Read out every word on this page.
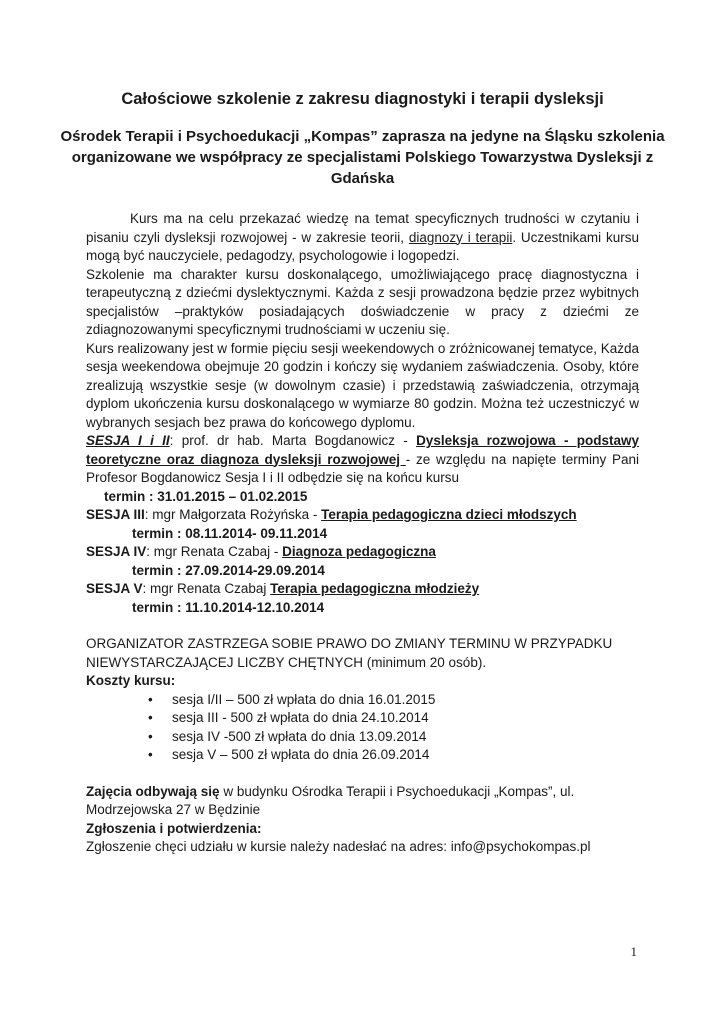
Całościowe szkolenie z zakresu diagnostyki i terapii dysleksji
Ośrodek Terapii i Psychoedukacji „Kompas” zaprasza na jedyne na Śląsku szkolenia organizowane we współpracy ze specjalistami Polskiego Towarzystwa Dysleksji z Gdańska

Kurs ma na celu przekazać wiedzę na temat specyficznych trudności w czytaniu i pisaniu czyli dysleksji rozwojowej - w zakresie teorii, diagnozy i terapii. Uczestnikami kursu mogą być nauczyciele, pedagodzy, psychologowie i logopedzi.

Szkolenie ma charakter kursu doskonalącego, umożliwiającego pracę diagnostyczna i terapeutyczną z dziećmi dyslektycznymi. Każda z sesji prowadzona będzie przez wybitnych specjalistów –praktyków posiadających doświadczenie w pracy z dziećmi ze zdiagnozowanymi specyficznymi trudnościami w uczeniu się.

Kurs realizowany jest w formie pięciu sesji weekendowych o zróżnicowanej tematyce, Każda sesja weekendowa obejmuje 20 godzin i kończy się wydaniem zaświadczenia. Osoby, które zrealizują wszystkie sesje (w dowolnym czasie) i przedstawią zaświadczenia, otrzymają dyplom ukończenia kursu doskonalącego w wymiarze 80 godzin. Można też uczestniczyć w wybranych sesjach bez prawa do końcowego dyplomu.

SESJA I i II: prof. dr hab. Marta Bogdanowicz - Dysleksja rozwojowa - podstawy teoretyczne oraz diagnoza dysleksji rozwojowej - ze względu na napięte terminy Pani Profesor Bogdanowicz Sesja I i II odbędzie się na końcu kursu

termin : 31.01.2015 – 01.02.2015

SESJA III: mgr Małgorzata Rożyńska - Terapia pedagogiczna dzieci młodszych

termin : 08.11.2014- 09.11.2014

SESJA IV: mgr Renata Czabaj - Diagnoza pedagogiczna

termin : 27.09.2014-29.09.2014

SESJA V: mgr Renata Czabaj Terapia pedagogiczna młodzieży

termin : 11.10.2014-12.10.2014

ORGANIZATOR ZASTRZEGA SOBIE PRAWO DO ZMIANY TERMINU W PRZYPADKU NIEWYSTARCZAJĄCEJ LICZBY CHĘTNYCH (minimum 20 osób).

Koszty kursu:

• sesja I/II – 500 zł wpłata do dnia 16.01.2015
• sesja III - 500 zł wpłata do dnia 24.10.2014
• sesja IV -500 zł wpłata do dnia 13.09.2014
• sesja V – 500 zł wpłata do dnia 26.09.2014

Zajęcia odbywają się w budynku Ośrodka Terapii i Psychoedukacji „Kompas”, ul. Modrzejowska 27 w Będzinie

Zgłoszenia i potwierdzenia:

Zgłoszenie chęci udziału w kursie należy nadesłać na adres: info@psychokompas.pl

1
